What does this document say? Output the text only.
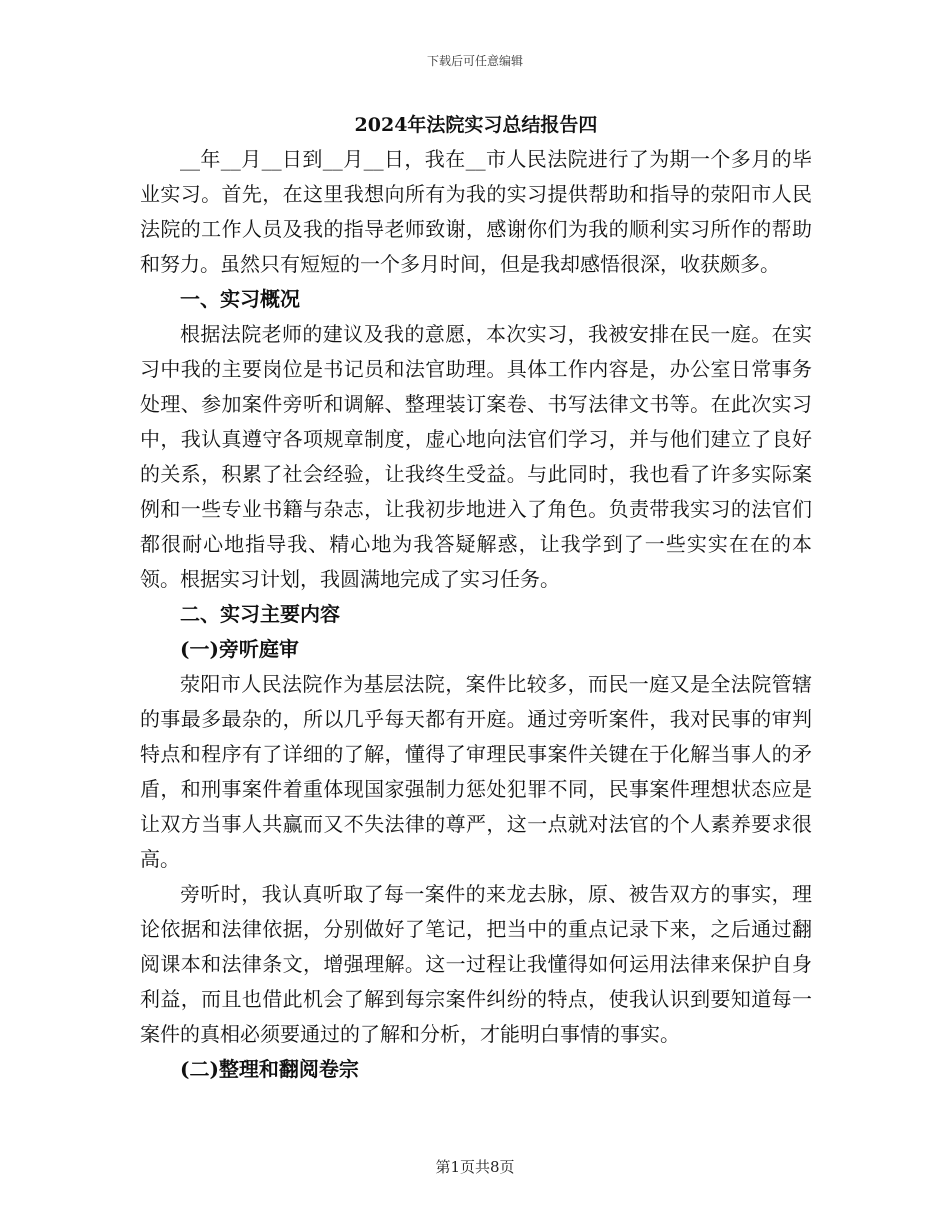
下载后可任意编辑
2024年法院实习总结报告四

__年__月__日到__月__日，我在__市人民法院进行了为期一个多月的毕业实习。首先，在这里我想向所有为我的实习提供帮助和指导的荥阳市人民法院的工作人员及我的指导老师致谢，感谢你们为我的顺利实习所作的帮助和努力。虽然只有短短的一个多月时间，但是我却感悟很深，收获颇多。

一、实习概况

根据法院老师的建议及我的意愿，本次实习，我被安排在民一庭。在实习中我的主要岗位是书记员和法官助理。具体工作内容是，办公室日常事务处理、参加案件旁听和调解、整理装订案卷、书写法律文书等。在此次实习中，我认真遵守各项规章制度，虚心地向法官们学习，并与他们建立了良好的关系，积累了社会经验，让我终生受益。与此同时，我也看了许多实际案例和一些专业书籍与杂志，让我初步地进入了角色。负责带我实习的法官们都很耐心地指导我、精心地为我答疑解惑，让我学到了一些实实在在的本领。根据实习计划，我圆满地完成了实习任务。

二、实习主要内容

(一)旁听庭审

荥阳市人民法院作为基层法院，案件比较多，而民一庭又是全法院管辖的事最多最杂的，所以几乎每天都有开庭。通过旁听案件，我对民事的审判特点和程序有了详细的了解，懂得了审理民事案件关键在于化解当事人的矛盾，和刑事案件着重体现国家强制力惩处犯罪不同，民事案件理想状态应是让双方当事人共赢而又不失法律的尊严，这一点就对法官的个人素养要求很高。

旁听时，我认真听取了每一案件的来龙去脉，原、被告双方的事实，理论依据和法律依据，分别做好了笔记，把当中的重点记录下来，之后通过翻阅课本和法律条文，增强理解。这一过程让我懂得如何运用法律来保护自身利益，而且也借此机会了解到每宗案件纠纷的特点，使我认识到要知道每一案件的真相必须要通过的了解和分析，才能明白事情的事实。

(二)整理和翻阅卷宗

第1页共8页
